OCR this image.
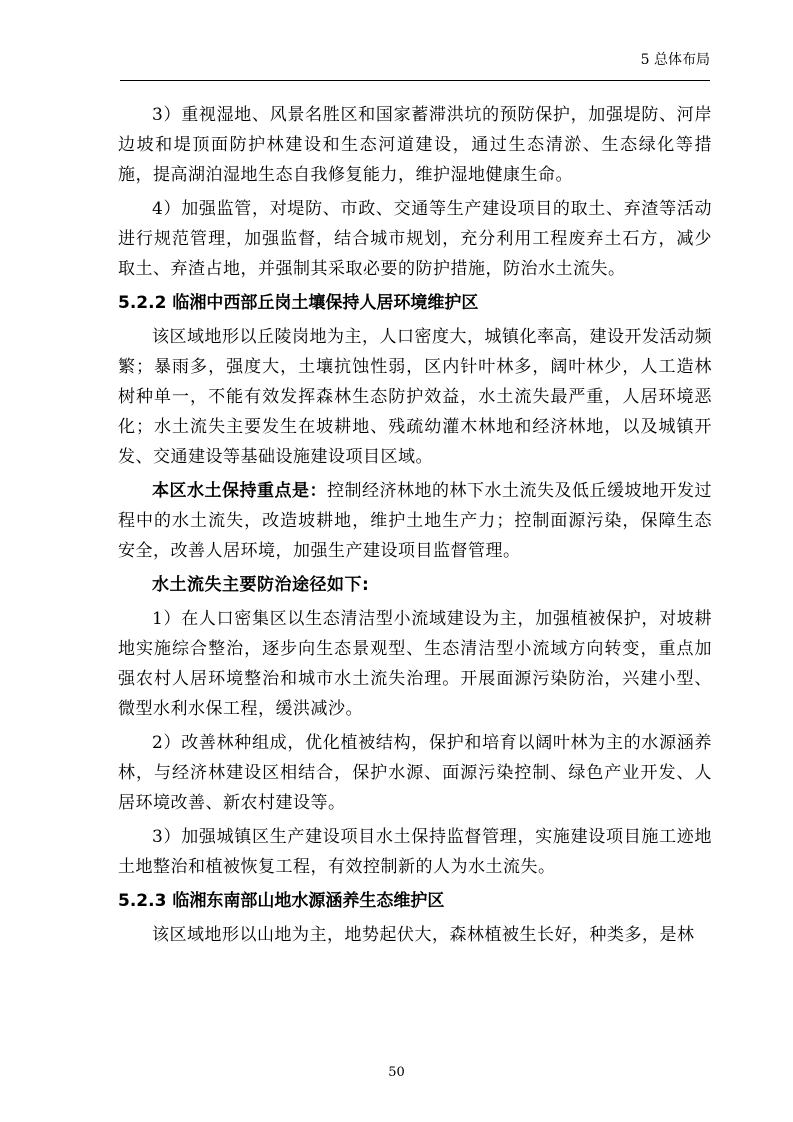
5 总体布局

3）重视湿地、风景名胜区和国家蓄滞洪坑的预防保护，加强堤防、河岸边坡和堤顶面防护林建设和生态河道建设，通过生态清淤、生态绿化等措施，提高湖泊湿地生态自我修复能力，维护湿地健康生命。

4）加强监管，对堤防、市政、交通等生产建设项目的取土、弃渣等活动进行规范管理，加强监督，结合城市规划，充分利用工程废弃土石方，减少取土、弃渣占地，并强制其采取必要的防护措施，防治水土流失。

5.2.2 临湘中西部丘岗土壤保持人居环境维护区

该区域地形以丘陵岗地为主，人口密度大，城镇化率高，建设开发活动频繁；暴雨多，强度大，土壤抗蚀性弱，区内针叶林多，阔叶林少，人工造林树种单一，不能有效发挥森林生态防护效益，水土流失最严重，人居环境恶化；水土流失主要发生在坡耕地、残疏幼灌木林地和经济林地，以及城镇开发、交通建设等基础设施建设项目区域。

本区水土保持重点是：控制经济林地的林下水土流失及低丘缓坡地开发过程中的水土流失，改造坡耕地，维护土地生产力；控制面源污染，保障生态安全，改善人居环境，加强生产建设项目监督管理。

水土流失主要防治途径如下:

1）在人口密集区以生态清洁型小流域建设为主，加强植被保护，对坡耕地实施综合整治，逐步向生态景观型、生态清洁型小流域方向转变，重点加强农村人居环境整治和城市水土流失治理。开展面源污染防治，兴建小型、微型水利水保工程，缓洪减沙。

2）改善林种组成，优化植被结构，保护和培育以阔叶林为主的水源涵养林，与经济林建设区相结合，保护水源、面源污染控制、绿色产业开发、人居环境改善、新农村建设等。

3）加强城镇区生产建设项目水土保持监督管理，实施建设项目施工迹地土地整治和植被恢复工程，有效控制新的人为水土流失。

5.2.3 临湘东南部山地水源涵养生态维护区

该区域地形以山地为主，地势起伏大，森林植被生长好，种类多，是林

50
